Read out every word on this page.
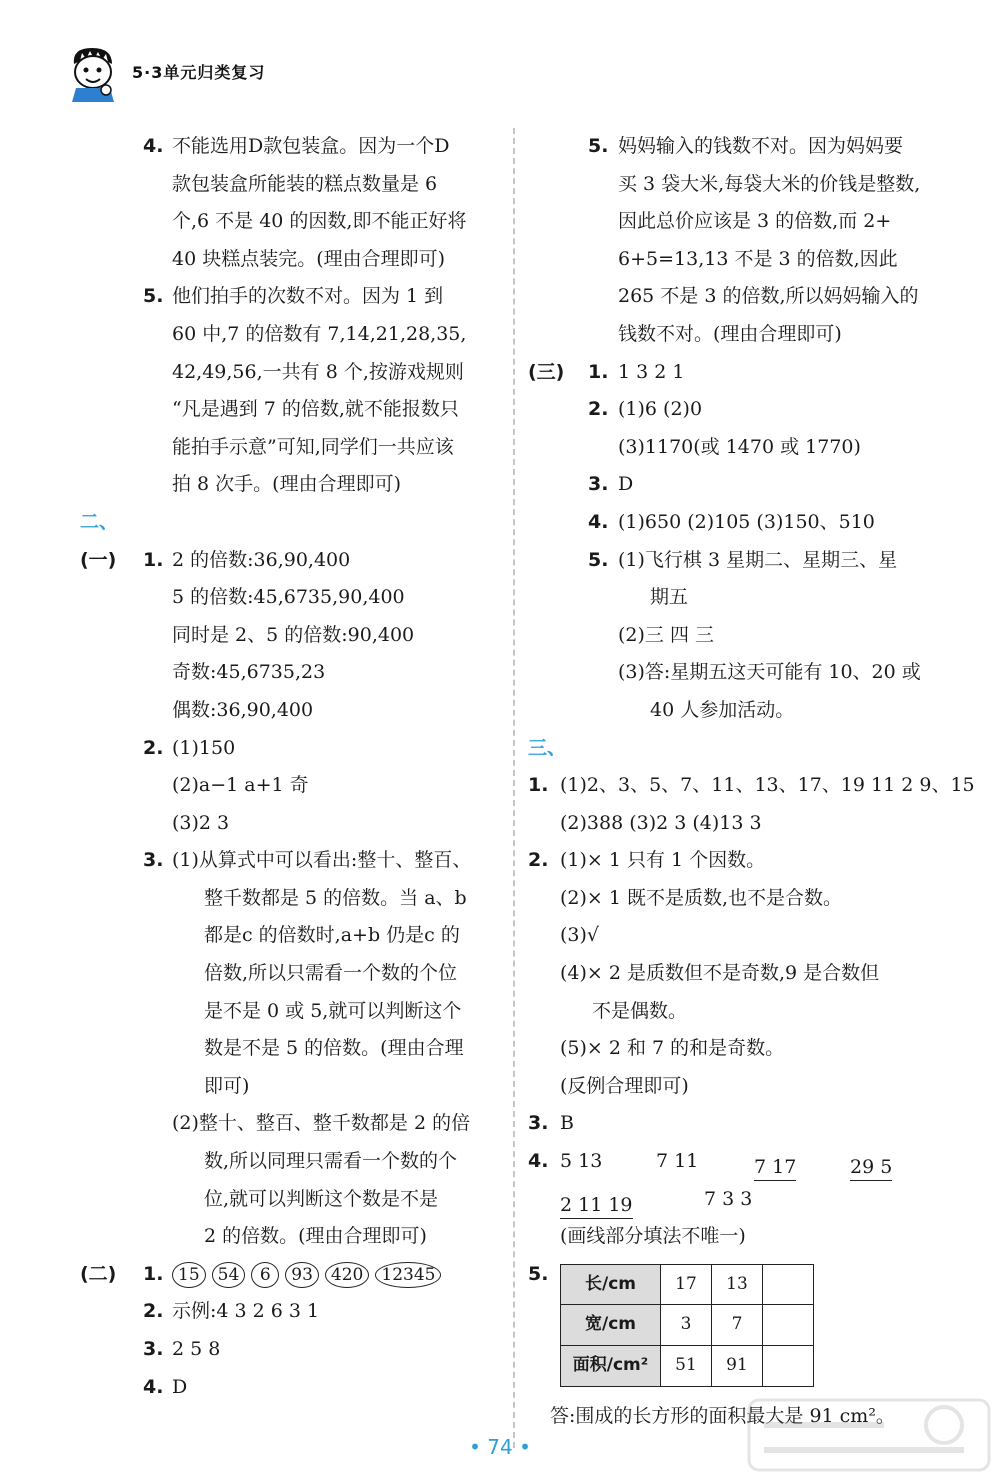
5·3单元归类复习
4. 不能选用D款包装盒。因为一个D
款包装盒所能装的糕点数量是 6
个,6 不是 40 的因数,即不能正好将
40 块糕点装完。(理由合理即可)
5. 他们拍手的次数不对。因为 1 到
60 中,7 的倍数有 7,14,21,28,35,
42,49,56,一共有 8 个,按游戏规则
“凡是遇到 7 的倍数,就不能报数只
能拍手示意”可知,同学们一共应该
拍 8 次手。(理由合理即可)
二、
(一) 1. 2 的倍数:36,90,400
5 的倍数:45,6735,90,400
同时是 2、5 的倍数:90,400
奇数:45,6735,23
偶数:36,90,400
2. (1)150
(2)a−1 a+1 奇
(3)2 3
3. (1)从算式中可以看出:整十、整百、
整千数都是 5 的倍数。当 a、b
都是c 的倍数时,a+b 仍是c 的
倍数,所以只需看一个数的个位
是不是 0 或 5,就可以判断这个
数是不是 5 的倍数。(理由合理
即可)
(2)整十、整百、整千数都是 2 的倍
数,所以同理只需看一个数的个
位,就可以判断这个数是不是
2 的倍数。(理由合理即可)
(二) 1. 15 54 6 93 420 12345
2. 示例:4 3 2 6 3 1
3. 2 5 8
4. D
5. 妈妈输入的钱数不对。因为妈妈要
买 3 袋大米,每袋大米的价钱是整数,
因此总价应该是 3 的倍数,而 2+
6+5=13,13 不是 3 的倍数,因此
265 不是 3 的倍数,所以妈妈输入的
钱数不对。(理由合理即可)
(三) 1. 1 3 2 1
2. (1)6 (2)0
(3)1170(或 1470 或 1770)
3. D
4. (1)650 (2)105 (3)150、510
5. (1)飞行棋 3 星期二、星期三、星
期五
(2)三 四 三
(3)答:星期五这天可能有 10、20 或
40 人参加活动。
三、
1. (1)2、3、5、7、11、13、17、19 11 2 9、15
(2)388 (3)2 3 (4)13 3
2. (1)× 1 只有 1 个因数。
(2)× 1 既不是质数,也不是合数。
(3)√
(4)× 2 是质数但不是奇数,9 是合数但
不是偶数。
(5)× 2 和 7 的和是奇数。
(反例合理即可)
3. B
4. 5 13	7 11	7 17	29 5
2 11 19	7 3 3
(画线部分填法不唯一)
5. 长/cm	17	13	
宽/cm	3	7	
面积/cm²	51	91	
答:围成的长方形的面积最大是 91 cm²。
• 74 •
